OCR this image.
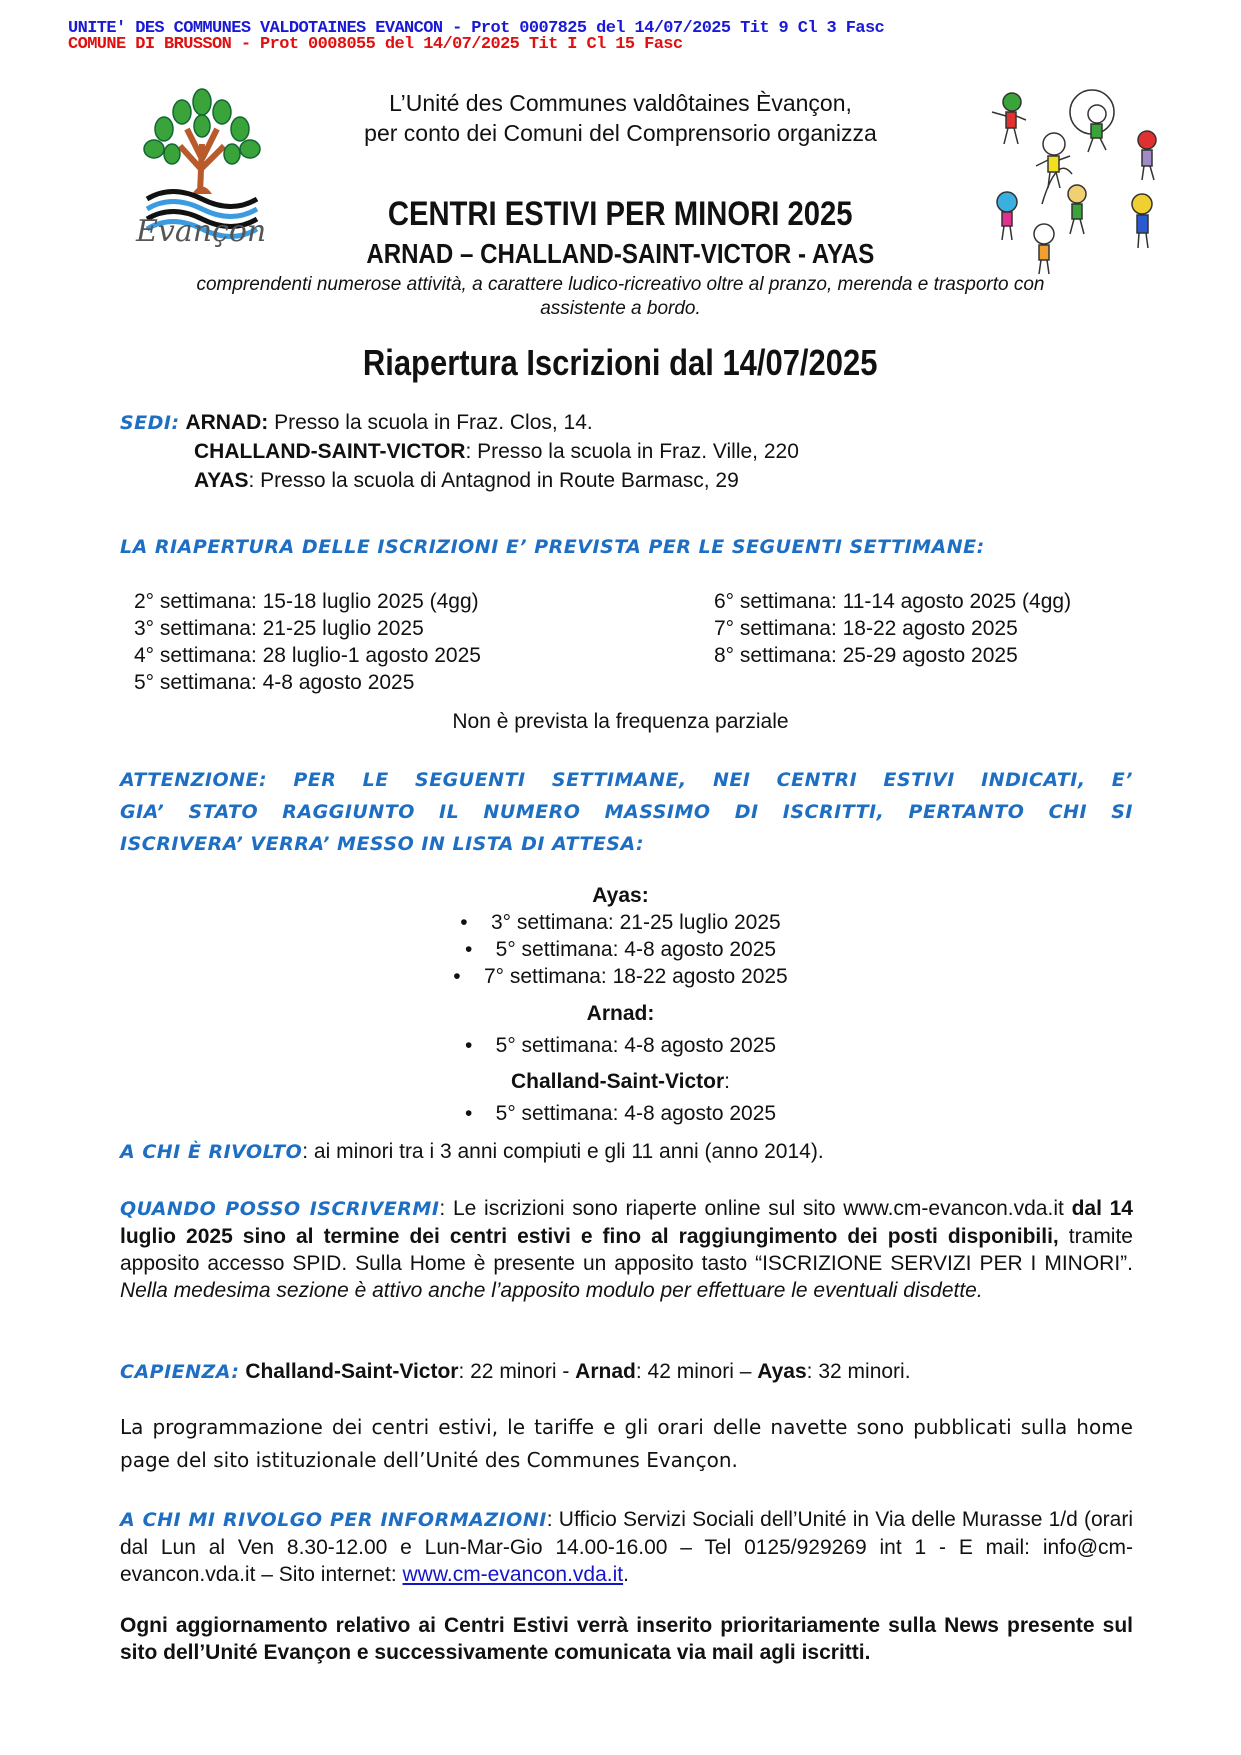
UNITE' DES COMMUNES VALDOTAINES EVANCON - Prot 0007825 del 14/07/2025 Tit 9 Cl 3 Fasc
COMUNE DI BRUSSON - Prot 0008055 del 14/07/2025 Tit I Cl 15 Fasc
Evançon
L’Unité des Communes valdôtaines Èvançon,
per conto dei Comuni del Comprensorio organizza
CENTRI ESTIVI PER MINORI 2025
ARNAD – CHALLAND-SAINT-VICTOR - AYAS
comprendenti numerose attività, a carattere ludico-ricreativo oltre al pranzo, merenda e trasporto con
assistente a bordo.
Riapertura Iscrizioni dal 14/07/2025
SEDI: ARNAD: Presso la scuola in Fraz. Clos, 14.
CHALLAND-SAINT-VICTOR: Presso la scuola in Fraz. Ville, 220
AYAS: Presso la scuola di Antagnod in Route Barmasc, 29
LA RIAPERTURA DELLE ISCRIZIONI E’ PREVISTA PER LE SEGUENTI SETTIMANE:
2° settimana: 15-18 luglio 2025 (4gg)
3° settimana: 21-25 luglio 2025
4° settimana: 28 luglio-1 agosto 2025
5° settimana: 4-8 agosto 2025
6° settimana: 11-14 agosto 2025 (4gg)
7° settimana: 18-22 agosto 2025
8° settimana: 25-29 agosto 2025
Non è prevista la frequenza parziale
ATTENZIONE: PER LE SEGUENTI SETTIMANE, NEI CENTRI ESTIVI INDICATI, E’
GIA’ STATO RAGGIUNTO IL NUMERO MASSIMO DI ISCRITTI, PERTANTO CHI SI
ISCRIVERA’ VERRA’ MESSO IN LISTA DI ATTESA:
Ayas:
•    3° settimana: 21-25 luglio 2025
•    5° settimana: 4-8 agosto 2025
•    7° settimana: 18-22 agosto 2025
Arnad:
•    5° settimana: 4-8 agosto 2025
Challand-Saint-Victor:
•    5° settimana: 4-8 agosto 2025
A CHI È RIVOLTO: ai minori tra i 3 anni compiuti e gli 11 anni (anno 2014).
QUANDO POSSO ISCRIVERMI: Le iscrizioni sono riaperte online sul sito www.cm-evancon.vda.it dal 14 luglio 2025 sino al termine dei centri estivi e fino al raggiungimento dei posti disponibili, tramite apposito accesso SPID. Sulla Home è presente un apposito tasto “ISCRIZIONE SERVIZI PER I MINORI”. Nella medesima sezione è attivo anche l’apposito modulo per effettuare le eventuali disdette.
CAPIENZA: Challand-Saint-Victor: 22 minori - Arnad: 42 minori – Ayas: 32 minori.
La programmazione dei centri estivi, le tariffe e gli orari delle navette sono pubblicati sulla home page del sito istituzionale dell’Unité des Communes Evançon.
A CHI MI RIVOLGO PER INFORMAZIONI: Ufficio Servizi Sociali dell’Unité in Via delle Murasse 1/d (orari dal Lun al Ven 8.30-12.00 e Lun-Mar-Gio 14.00-16.00 – Tel 0125/929269 int 1 - E mail: info@cm-evancon.vda.it – Sito internet: www.cm-evancon.vda.it.
Ogni aggiornamento relativo ai Centri Estivi verrà inserito prioritariamente sulla News presente sul sito dell’Unité Evançon e successivamente comunicata via mail agli iscritti.
